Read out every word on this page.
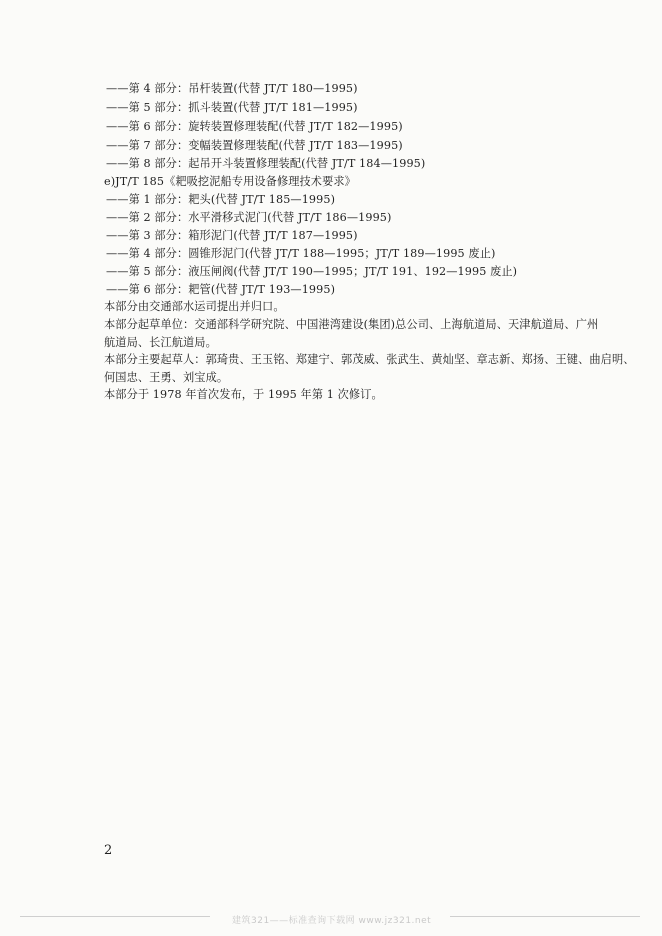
——第 4 部分：吊杆装置(代替 JT/T 180—1995)
——第 5 部分：抓斗装置(代替 JT/T 181—1995)
——第 6 部分：旋转装置修理装配(代替 JT/T 182—1995)
——第 7 部分：变幅装置修理装配(代替 JT/T 183—1995)
——第 8 部分：起吊开斗装置修理装配(代替 JT/T 184—1995)
e)JT/T 185《耙吸挖泥船专用设备修理技术要求》
——第 1 部分：耙头(代替 JT/T 185—1995)
——第 2 部分：水平滑移式泥门(代替 JT/T 186—1995)
——第 3 部分：箱形泥门(代替 JT/T 187—1995)
——第 4 部分：圆锥形泥门(代替 JT/T 188—1995；JT/T 189—1995 废止)
——第 5 部分：液压闸阀(代替 JT/T 190—1995；JT/T 191、192—1995 废止)
——第 6 部分：耙管(代替 JT/T 193—1995)
本部分由交通部水运司提出并归口。
本部分起草单位：交通部科学研究院、中国港湾建设(集团)总公司、上海航道局、天津航道局、广州
航道局、长江航道局。
本部分主要起草人：郭琦贵、王玉铭、郑建宁、郭茂威、张武生、黄灿坚、章志新、郑扬、王键、曲启明、
何国忠、王勇、刘宝成。
本部分于 1978 年首次发布，于 1995 年第 1 次修订。
2
建筑321——标准查询下载网 www.jz321.net
